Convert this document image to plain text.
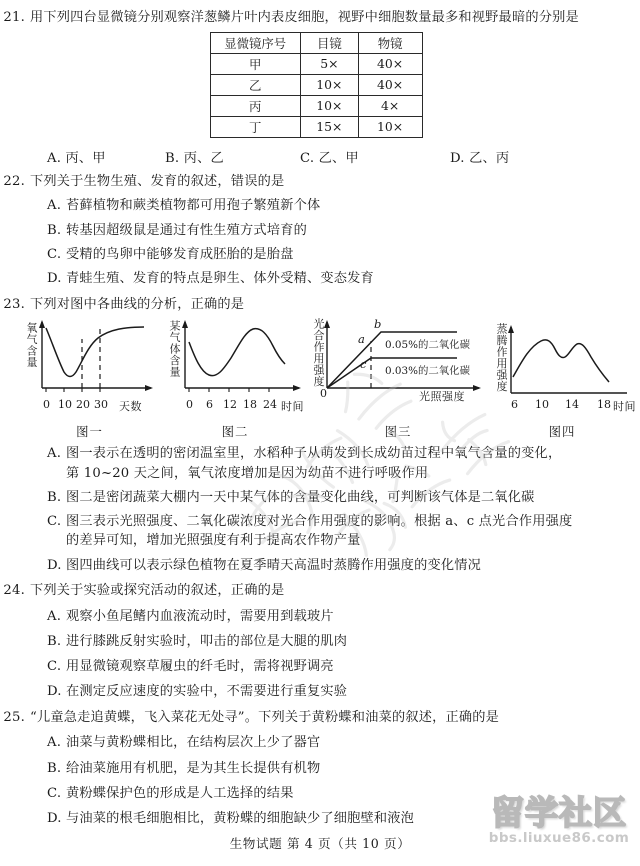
21. 用下列四台显微镜分别观察洋葱鳞片叶内表皮细胞，视野中细胞数量最多和视野最暗的分别是
显微镜序号	目镜	物镜
甲	5×	40×
乙	10×	40×
丙	10×	4×
丁	15×	10×
A. 丙、甲	B. 丙、乙	C. 乙、甲	D. 乙、丙
22. 下列关于生物生殖、发育的叙述，错误的是
A. 苔藓植物和蕨类植物都可用孢子繁殖新个体
B. 转基因超级鼠是通过有性生殖方式培育的
C. 受精的鸟卵中能够发育成胚胎的是胎盘
D. 青蛙生殖、发育的特点是卵生、体外受精、变态发育
23. 下列对图中各曲线的分析，正确的是
氧气含量
0 10 20 30 天数
图一
某气体含量
0 6 12 18 24 时间
图二
光合作用强度
0
b
a
c
0.05%的二氧化碳
0.03%的二氧化碳
光照强度
图三
蒸腾作用强度
6 10 14 18 时间
图四
A. 图一表示在透明的密闭温室里，水稻种子从萌发到长成幼苗过程中氧气含量的变化，
第 10~20 天之间，氧气浓度增加是因为幼苗不进行呼吸作用
B. 图二是密闭蔬菜大棚内一天中某气体的含量变化曲线，可判断该气体是二氧化碳
C. 图三表示光照强度、二氧化碳浓度对光合作用强度的影响。根据 a、c 点光合作用强度
的差异可知，增加光照强度有利于提高农作物产量
D. 图四曲线可以表示绿色植物在夏季晴天高温时蒸腾作用强度的变化情况
24. 下列关于实验或探究活动的叙述，正确的是
A. 观察小鱼尾鳍内血液流动时，需要用到载玻片
B. 进行膝跳反射实验时，叩击的部位是大腿的肌肉
C. 用显微镜观察草履虫的纤毛时，需将视野调亮
D. 在测定反应速度的实验中，不需要进行重复实验
25. “儿童急走追黄蝶，飞入菜花无处寻”。下列关于黄粉蝶和油菜的叙述，正确的是
A. 油菜与黄粉蝶相比，在结构层次上少了器官
B. 给油菜施用有机肥，是为其生长提供有机物
C. 黄粉蝶保护色的形成是人工选择的结果
D. 与油菜的根毛细胞相比，黄粉蝶的细胞缺少了细胞壁和液泡
生物试题 第 4 页（共 10 页）
留学社区
bbs.liuxue86.com
